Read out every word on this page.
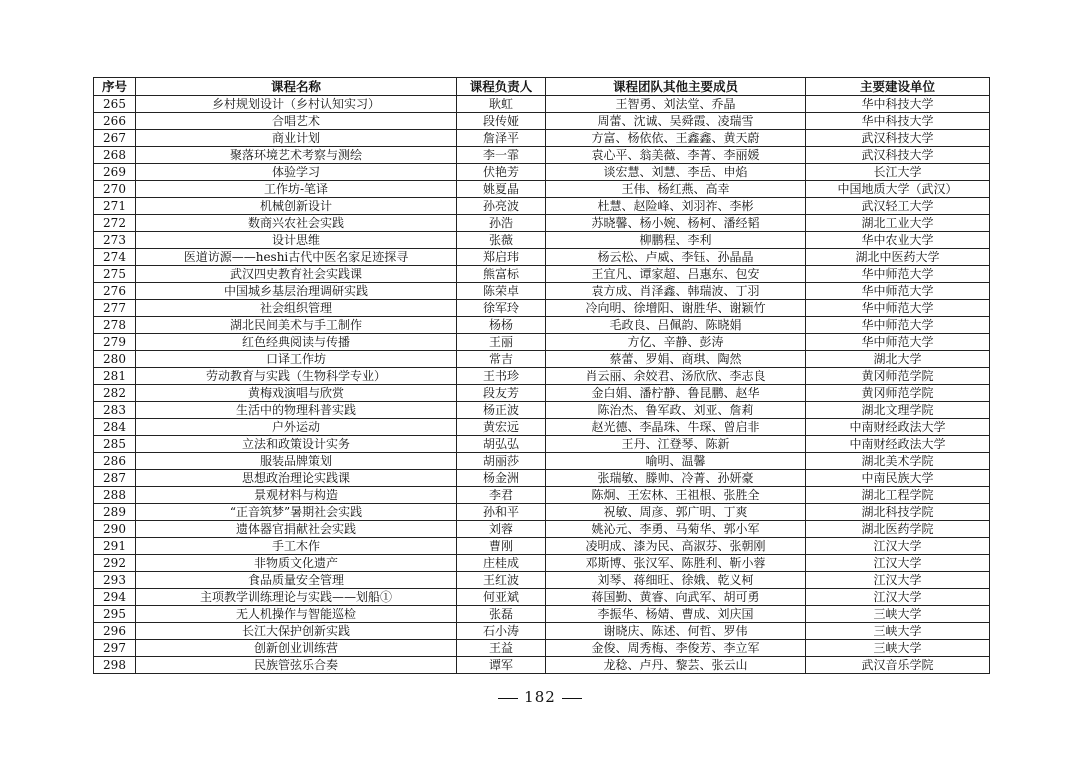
序号	课程名称	课程负责人	课程团队其他主要成员	主要建设单位
265	乡村规划设计（乡村认知实习）	耿虹	王智勇、刘法堂、乔晶	华中科技大学
266	合唱艺术	段传娅	周蕾、沈诚、吴舜霞、凌瑞雪	华中科技大学
267	商业计划	詹泽平	方富、杨依依、王鑫鑫、黄天蔚	武汉科技大学
268	聚落环境艺术考察与测绘	李一霏	袁心平、翁美薇、李菁、李丽媛	武汉科技大学
269	体验学习	伏艳芳	谈宏慧、刘慧、李岳、申焰	长江大学
270	工作坊-笔译	姚夏晶	王伟、杨红燕、高幸	中国地质大学（武汉）
271	机械创新设计	孙亮波	杜慧、赵险峰、刘羽祚、李彬	武汉轻工大学
272	数商兴农社会实践	孙浩	苏晓馨、杨小婉、杨柯、潘经韬	湖北工业大学
273	设计思维	张薇	柳鹏程、李利	华中农业大学
274	医道访源——heshi古代中医名家足迹探寻	郑启玮	杨云松、卢威、李钰、孙晶晶	湖北中医药大学
275	武汉四史教育社会实践课	熊富标	王宜凡、谭家超、吕惠东、包安	华中师范大学
276	中国城乡基层治理调研实践	陈荣卓	袁方成、肖泽鑫、韩瑞波、丁羽	华中师范大学
277	社会组织管理	徐军玲	冷向明、徐增阳、谢胜华、谢颖竹	华中师范大学
278	湖北民间美术与手工制作	杨杨	毛政良、吕佩韵、陈晓娟	华中师范大学
279	红色经典阅读与传播	王丽	方亿、辛静、彭涛	华中师范大学
280	口译工作坊	常吉	蔡蕾、罗娟、商琪、陶然	湖北大学
281	劳动教育与实践（生物科学专业）	王书珍	肖云丽、余姣君、汤欣欣、李志良	黄冈师范学院
282	黄梅戏演唱与欣赏	段友芳	金白娟、潘柠静、鲁昆鹏、赵华	黄冈师范学院
283	生活中的物理科普实践	杨正波	陈治杰、鲁军政、刘亚、詹莉	湖北文理学院
284	户外运动	黄宏远	赵光德、李晶珠、牛琛、曾启非	中南财经政法大学
285	立法和政策设计实务	胡弘弘	王丹、江登琴、陈新	中南财经政法大学
286	服装品牌策划	胡丽莎	喻明、温馨	湖北美术学院
287	思想政治理论实践课	杨金洲	张瑞敏、滕帅、冷菁、孙妍豪	中南民族大学
288	景观材料与构造	李君	陈炯、王宏林、王祖根、张胜全	湖北工程学院
289	“正音筑梦”暑期社会实践	孙和平	祝敏、周彦、郭广明、丁爽	湖北科技学院
290	遗体器官捐献社会实践	刘蓉	姚沁元、李勇、马菊华、郭小军	湖北医药学院
291	手工木作	曹刚	凌明成、漆为民、高淑芬、张朝刚	江汉大学
292	非物质文化遗产	庄桂成	邓斯博、张汉军、陈胜利、靳小蓉	江汉大学
293	食品质量安全管理	王红波	刘琴、蒋细旺、徐娥、乾义柯	江汉大学
294	主项教学训练理论与实践——划船①	何亚斌	蒋国勤、黄睿、向武军、胡可勇	江汉大学
295	无人机操作与智能巡检	张磊	李振华、杨婧、曹成、刘庆国	三峡大学
296	长江大保护创新实践	石小涛	谢晓庆、陈述、何哲、罗伟	三峡大学
297	创新创业训练营	王益	金俊、周秀梅、李俊芳、李立军	三峡大学
298	民族管弦乐合奏	谭军	龙稔、卢丹、黎芸、张云山	武汉音乐学院
182
